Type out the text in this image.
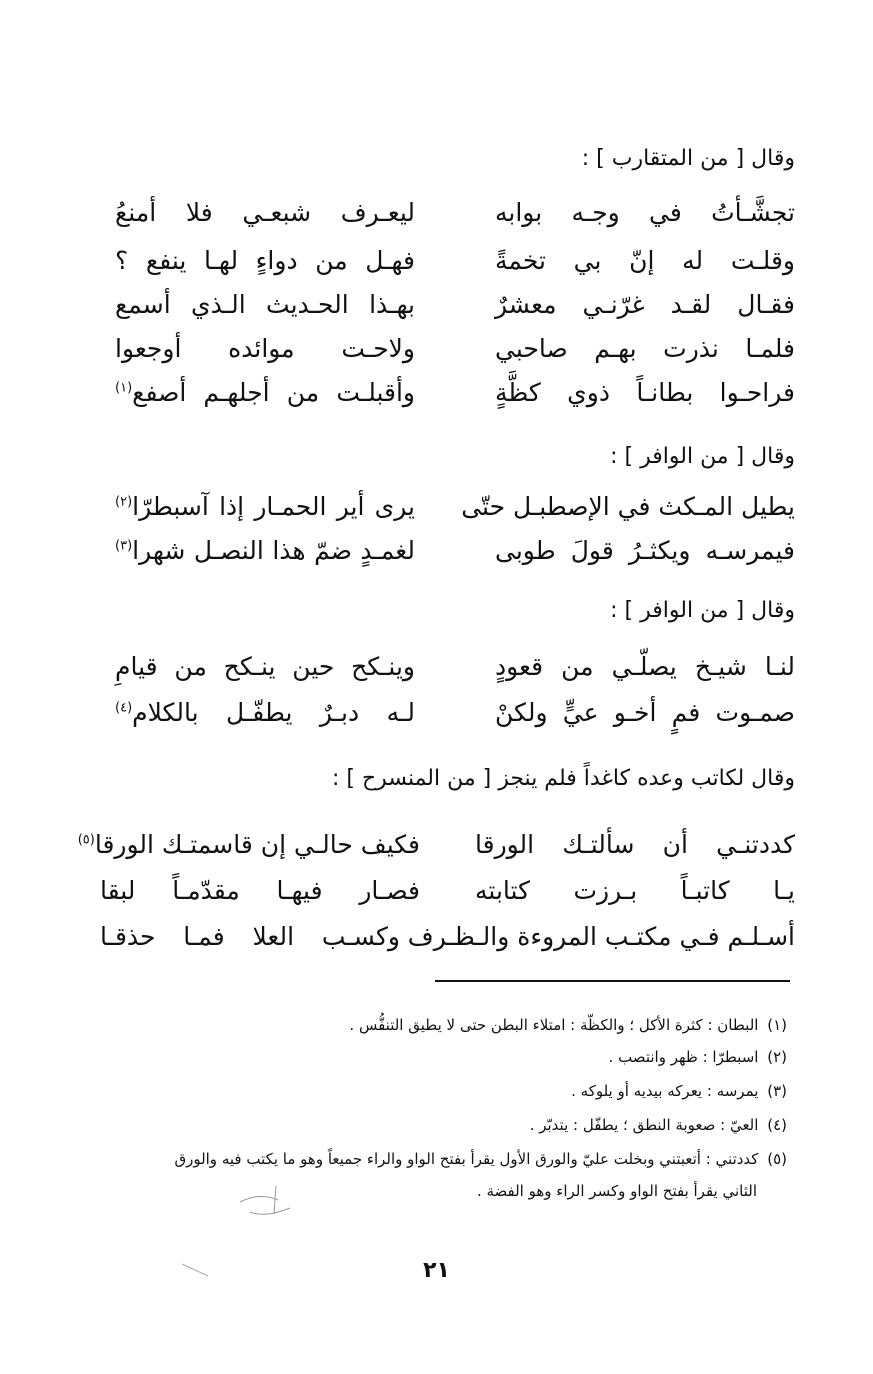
وقال [ من المتقارب ] :
تجشَّـأتُ في وجـه بوابه
ليعـرف شبعـي فلا أمنعُ
وقلـت له إنّ بي تخمةً
فهـل من دواءٍ لهـا ينفع ؟
فقـال لقـد غرّنـي معشرٌ
بهـذا الحـديث الـذي أسمع
فلمـا نذرت بهـم صاحبي
ولاحـت موائده أوجعوا
فراحـوا بطانـاً ذوي كظَّةٍ
وأقبلـت من أجلهـم أصفع$^{(١)}$
وقال [ من الوافر ] :
يطيل المـكث في الإصطبـل حتّى
يرى أير الحمـار إذا آسبطرّا$^{(٢)}$
فيمرسـه ويكثـرُ قولَ طوبى
لغمـدٍ ضمّ هذا النصـل شهرا$^{(٣)}$
وقال [ من الوافر ] :
لنـا شيـخ يصلّـي من قعودٍ
وينـكح حين ينـكح من قيامِ
صمـوت فمٍ أخـو عيٍّ ولكنْ
لـه دبـرٌ يطفّـل بالكلام$^{(٤)}$
وقال لكاتب وعده كاغداً فلم ينجز [ من المنسرح ] :
كددتنـي أن سألتـك الورقا
فكيف حالـي إن قاسمتـك الورقا$^{(٥)}$
يـا كاتبـاً بـرزت كتابته
فصـار فيهـا مقدّمـاً لبقا
أسـلـم فـي مكتـب المروءة والـظـرف
وكسـب العلا فمـا حذقـا
(١) البطان : كثرة الأكل ؛ والكظّة : امتلاء البطن حتى لا يطيق التنفُّس .
(٢) اسبطرّا : ظهر وانتصب .
(٣) يمرسه : يعركه بيديه أو يلوكه .
(٤) العيّ : صعوبة النطق ؛ يطفّل : يتدبّر .
(٥) كددتني : أتعبتني وبخلت عليّ والورق الأول يقرأ بفتح الواو والراء جميعاً وهو ما يكتب فيه والورق
الثاني يقرأ بفتح الواو وكسر الراء وهو الفضة .
٢١
